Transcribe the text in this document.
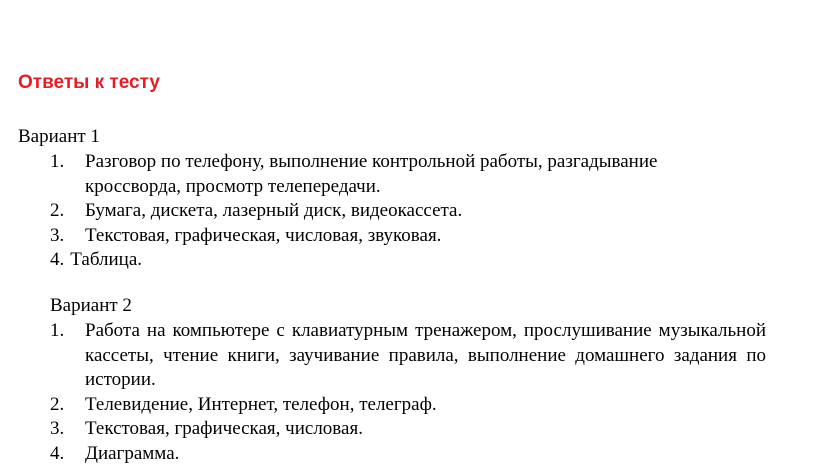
Ответы к тесту
Вариант 1
1. Разговор по телефону, выполнение контрольной работы, разгадывание кроссворда, просмотр телепередачи.
2. Бумага, дискета, лазерный диск, видеокассета.
3. Текстовая, графическая, числовая, звуковая.
4. Таблица.
Вариант 2
1. Работа на компьютере с клавиатурным тренажером, прослушивание музыкальной кассеты, чтение книги, заучивание правила, выполнение домашнего задания по истории.
2. Телевидение, Интернет, телефон, телеграф.
3. Текстовая, графическая, числовая.
4. Диаграмма.
